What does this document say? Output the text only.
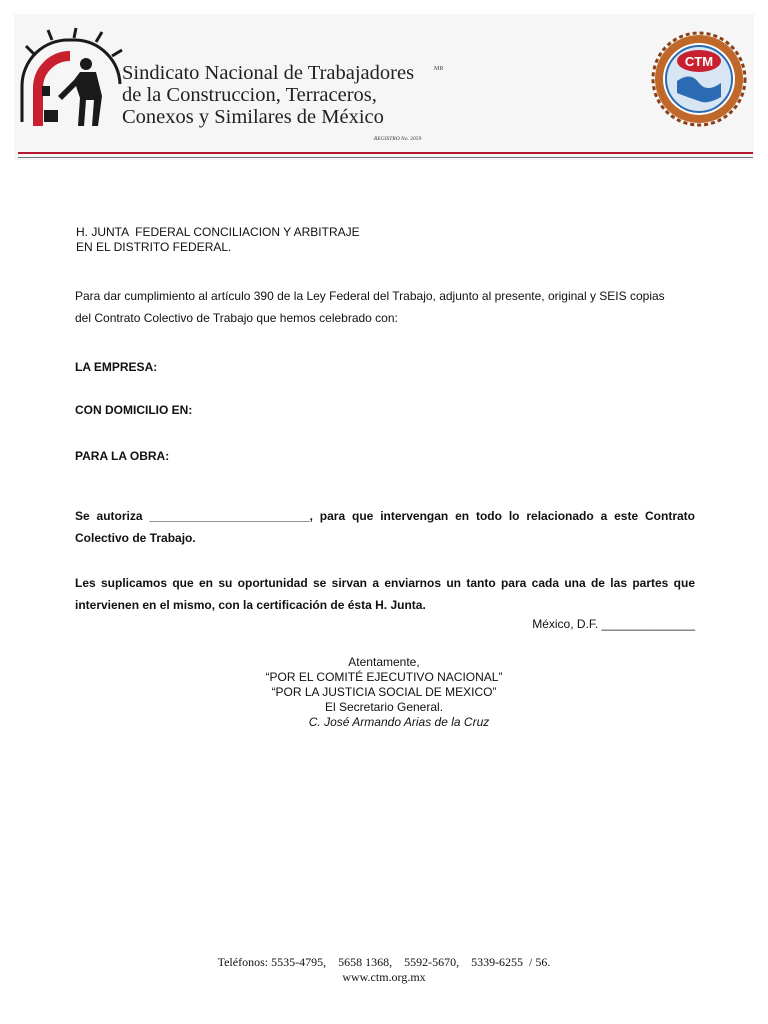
Sindicato Nacional de Trabajadores
de la Construccion, Terraceros,
Conexos y Similares de México
MR
REGISTRO No. 2059
CTM
H. JUNTA  FEDERAL CONCILIACION Y ARBITRAJE
EN EL DISTRITO FEDERAL.
Para dar cumplimiento al artículo 390 de la Ley Federal del Trabajo, adjunto al presente, original y SEIS copias
del Contrato Colectivo de Trabajo que hemos celebrado con:
LA EMPRESA:
CON DOMICILIO EN:
PARA LA OBRA:
Se autoriza ________________________, para que intervengan en todo lo relacionado a este Contrato Colectivo de Trabajo.
Les suplicamos que en su oportunidad se sirvan a enviarnos un tanto para cada una de las partes que intervienen en el mismo, con la certificación de ésta H. Junta.
México, D.F. ______________
Atentamente,
“POR EL COMITÉ EJECUTIVO NACIONAL”
“POR LA JUSTICIA SOCIAL DE MEXICO”
El Secretario General.
C. José Armando Arias de la Cruz
Teléfonos: 5535-4795,    5658 1368,    5592-5670,    5339-6255  / 56.
www.ctm.org.mx
